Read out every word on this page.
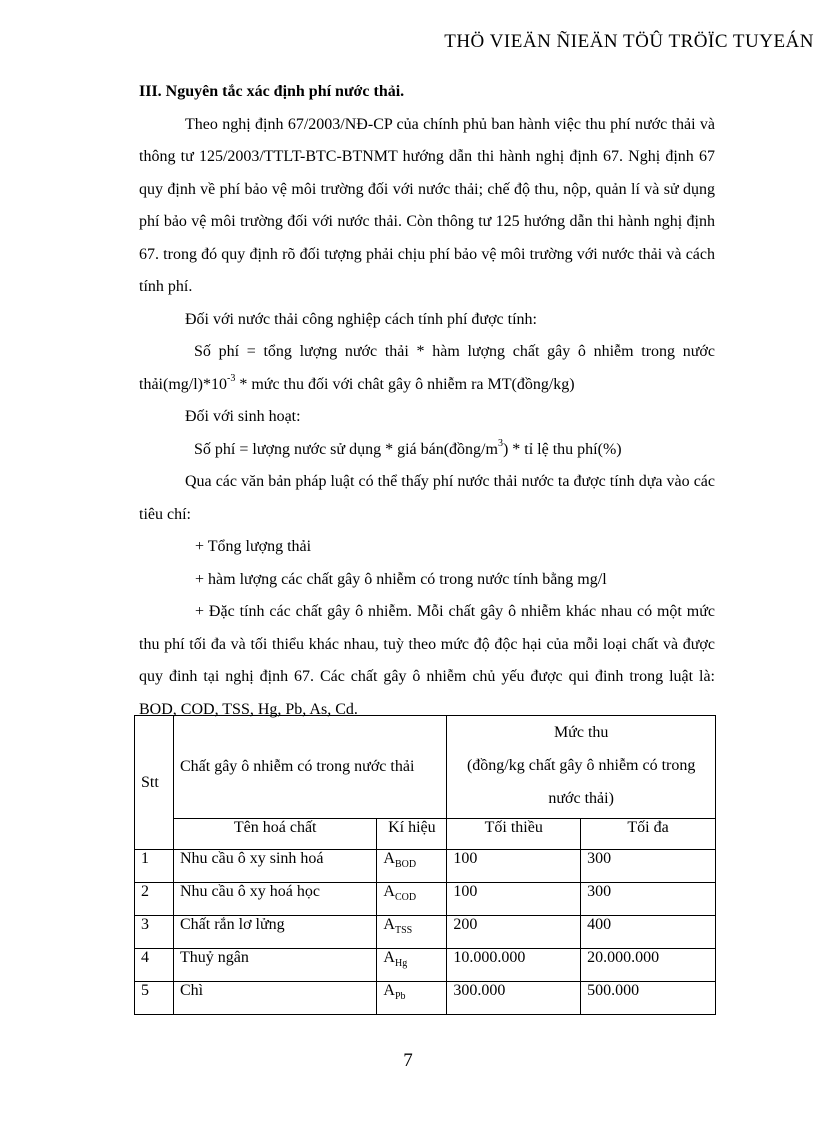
THÖ VIEÄN ÑIEÄN TÖÛ TRÖÏC TUYEÁN

III. Nguyên tắc xác định phí nước thải.

Theo nghị định 67/2003/NĐ-CP của chính phủ ban hành việc thu phí nước thải và thông tư 125/2003/TTLT-BTC-BTNMT hướng dẫn thi hành nghị định 67. Nghị định 67 quy định về phí bảo vệ môi trường đối với nước thải; chế độ thu, nộp, quản lí và sử dụng phí bảo vệ môi trường đối với nước thải. Còn thông tư 125 hướng dẫn thi hành nghị định 67. trong đó quy định rõ đối tượng phải chịu phí bảo vệ môi trường với nước thải và cách tính phí.

Đối với nước thải công nghiệp cách tính phí được tính:

Số phí = tổng lượng nước thải * hàm lượng chất gây ô nhiễm trong nước $thải(mg/l)*10^{-3}$ * mức thu đối với chât gây ô nhiễm ra MT(đồng/kg)

Đối với sinh hoạt:

Số phí = lượng nước sử dụng * giá $bán(đồng/m^3)$ * tỉ lệ thu phí(%)

Qua các văn bản pháp luật có thể thấy phí nước thải nước ta được tính dựa vào các tiêu chí:

+ Tổng lượng thải

+ hàm lượng các chất gây ô nhiễm có trong nước tính bằng mg/l

+ Đặc tính các chất gây ô nhiễm. Mỗi chất gây ô nhiễm khác nhau có một mức thu phí tối đa và tối thiểu khác nhau, tuỳ theo mức độ độc hại của mỗi loại chất và được quy đinh tại nghị định 67. Các chất gây ô nhiễm chủ yếu được qui đinh trong luật là: BOD, COD, TSS, Hg, Pb, As, Cd.

Stt	Chất gây ô nhiễm có trong nước thải		Mức thu
(đồng/kg chất gây ô nhiễm có trong
nước thải)	

	Tên hoá chất	Kí hiệu	Tối thiều	Tối đa
1	Nhu cầu ô xy sinh hoá	$A_{BOD}$	100	300
2	Nhu cầu ô xy hoá học	$A_{COD}$	100	300
3	Chất rắn lơ lửng	$A_{TSS}$	200	400
4	Thuỷ ngân	$A_{Hg}$	10.000.000	20.000.000
5	Chì	$A_{Pb}$	300.000	500.000
7
